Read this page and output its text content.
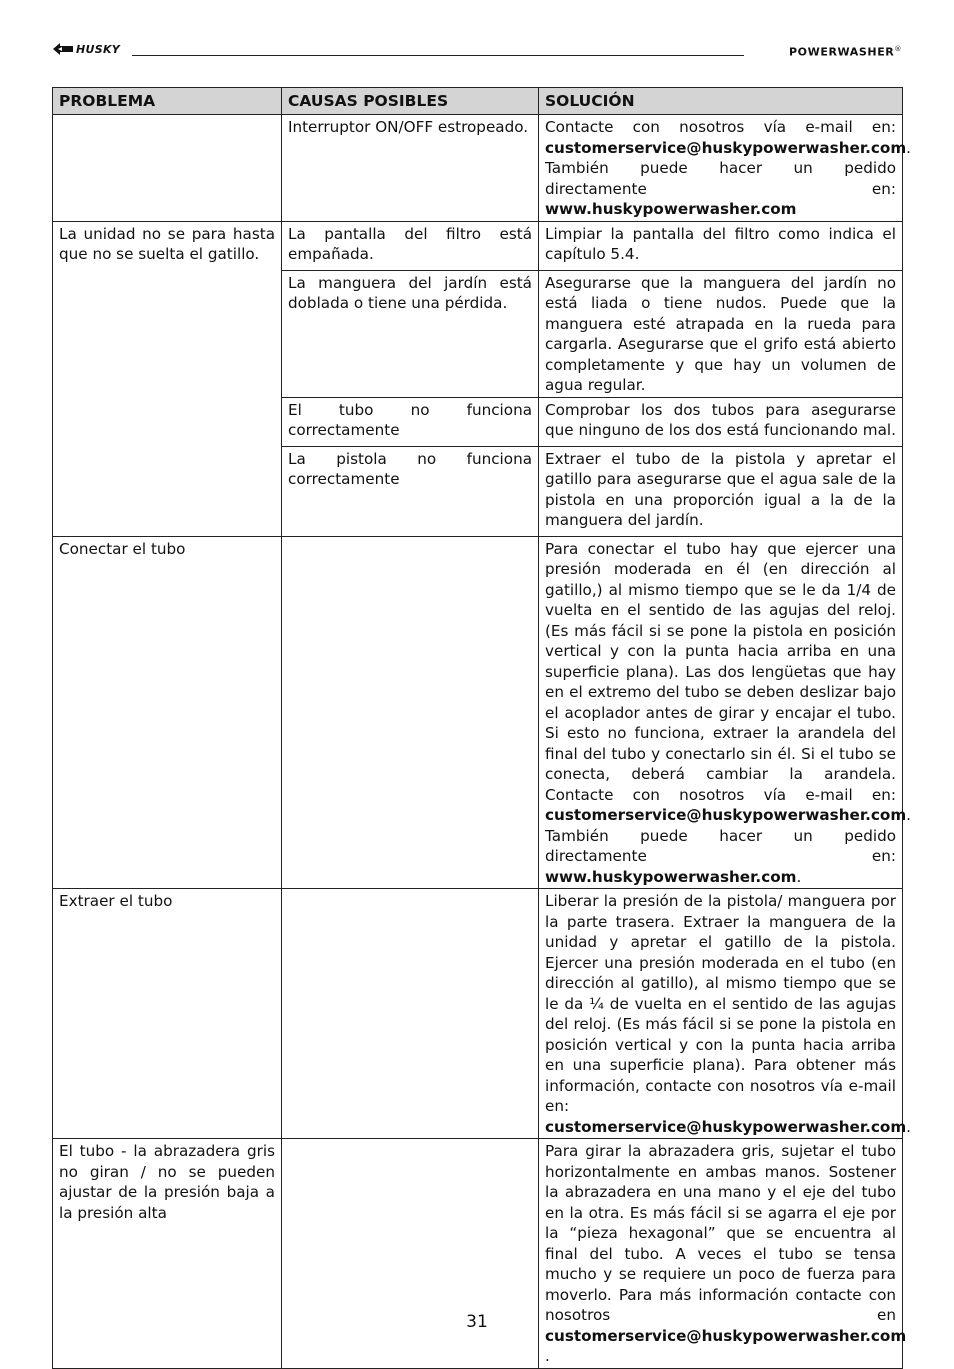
HUSKY	POWERWASHER®
PROBLEMA	CAUSAS POSIBLES	SOLUCIÓN
	Interruptor ON/OFF estropeado.	Contacte con nosotros vía e-mail en: customerservice@huskypowerwasher.com. También puede hacer un pedido directamente en: www.huskypowerwasher.com
La unidad no se para hasta que no se suelta el gatillo.	La pantalla del filtro está empañada.	Limpiar la pantalla del filtro como indica el capítulo 5.4.
	La manguera del jardín está doblada o tiene una pérdida.	Asegurarse que la manguera del jardín no está liada o tiene nudos. Puede que la manguera esté atrapada en la rueda para cargarla. Asegurarse que el grifo está abierto completamente y que hay un volumen de agua regular.
	El tubo no funciona correctamente	Comprobar los dos tubos para asegurarse que ninguno de los dos está funcionando mal.
	La pistola no funciona correctamente	Extraer el tubo de la pistola y apretar el gatillo para asegurarse que el agua sale de la pistola en una proporción igual a la de la manguera del jardín.
Conectar el tubo		Para conectar el tubo hay que ejercer una presión moderada en él (en dirección al gatillo,) al mismo tiempo que se le da 1/4 de vuelta en el sentido de las agujas del reloj. (Es más fácil si se pone la pistola en posición vertical y con la punta hacia arriba en una superficie plana). Las dos lengüetas que hay en el extremo del tubo se deben deslizar bajo el acoplador antes de girar y encajar el tubo. Si esto no funciona, extraer la arandela del final del tubo y conectarlo sin él. Si el tubo se conecta, deberá cambiar la arandela. Contacte con nosotros vía e-mail en: customerservice@huskypowerwasher.com. También puede hacer un pedido directamente en: www.huskypowerwasher.com.
Extraer el tubo		Liberar la presión de la pistola/ manguera por la parte trasera. Extraer la manguera de la unidad y apretar el gatillo de la pistola. Ejercer una presión moderada en el tubo (en dirección al gatillo), al mismo tiempo que se le da ¼ de vuelta en el sentido de las agujas del reloj. (Es más fácil si se pone la pistola en posición vertical y con la punta hacia arriba en una superficie plana). Para obtener más información, contacte con nosotros vía e-mail en: customerservice@huskypowerwasher.com.
El tubo - la abrazadera gris no giran / no se pueden ajustar de la presión baja a la presión alta		Para girar la abrazadera gris, sujetar el tubo horizontalmente en ambas manos. Sostener la abrazadera en una mano y el eje del tubo en la otra. Es más fácil si se agarra el eje por la “pieza hexagonal” que se encuentra al final del tubo. A veces el tubo se tensa mucho y se requiere un poco de fuerza para moverlo. Para más información contacte con nosotros en customerservice@huskypowerwasher.com .
31
